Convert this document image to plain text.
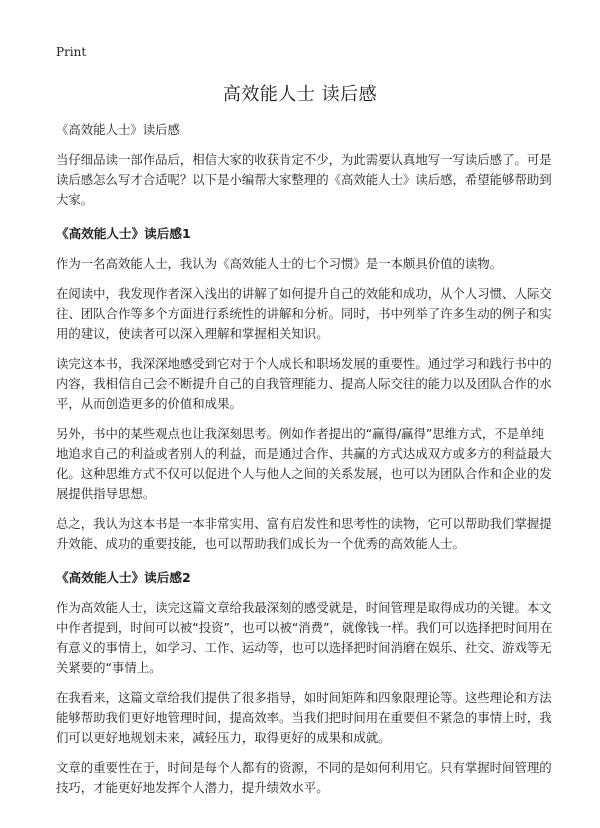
Print
高效能人士 读后感

《高效能人士》读后感

当仔细品读一部作品后，相信大家的收获肯定不少，为此需要认真地写一写读后感了。可是读后感怎么写才合适呢？以下是小编帮大家整理的《高效能人士》读后感，希望能够帮助到大家。

《高效能人士》读后感1

作为一名高效能人士，我认为《高效能人士的七个习惯》是一本颇具价值的读物。

在阅读中，我发现作者深入浅出的讲解了如何提升自己的效能和成功，从个人习惯、人际交往、团队合作等多个方面进行系统性的讲解和分析。同时，书中列举了许多生动的例子和实用的建议，使读者可以深入理解和掌握相关知识。

读完这本书，我深深地感受到它对于个人成长和职场发展的重要性。通过学习和践行书中的内容，我相信自己会不断提升自己的自我管理能力、提高人际交往的能力以及团队合作的水平，从而创造更多的价值和成果。

另外，书中的某些观点也让我深刻思考。例如作者提出的“赢得/赢得”思维方式，不是单纯地追求自己的利益或者别人的利益，而是通过合作、共赢的方式达成双方或多方的利益最大化。这种思维方式不仅可以促进个人与他人之间的关系发展，也可以为团队合作和企业的发展提供指导思想。

总之，我认为这本书是一本非常实用、富有启发性和思考性的读物，它可以帮助我们掌握提升效能、成功的重要技能，也可以帮助我们成长为一个优秀的高效能人士。

《高效能人士》读后感2

作为高效能人士，读完这篇文章给我最深刻的感受就是，时间管理是取得成功的关键。本文中作者提到，时间可以被“投资”，也可以被“消费”，就像钱一样。我们可以选择把时间用在有意义的事情上，如学习、工作、运动等，也可以选择把时间消磨在娱乐、社交、游戏等无关紧要的“事情上。

在我看来，这篇文章给我们提供了很多指导，如时间矩阵和四象限理论等。这些理论和方法能够帮助我们更好地管理时间，提高效率。当我们把时间用在重要但不紧急的事情上时，我们可以更好地规划未来，减轻压力，取得更好的成果和成就。

文章的重要性在于，时间是每个人都有的资源，不同的是如何利用它。只有掌握时间管理的技巧，才能更好地发挥个人潜力，提升绩效水平。
